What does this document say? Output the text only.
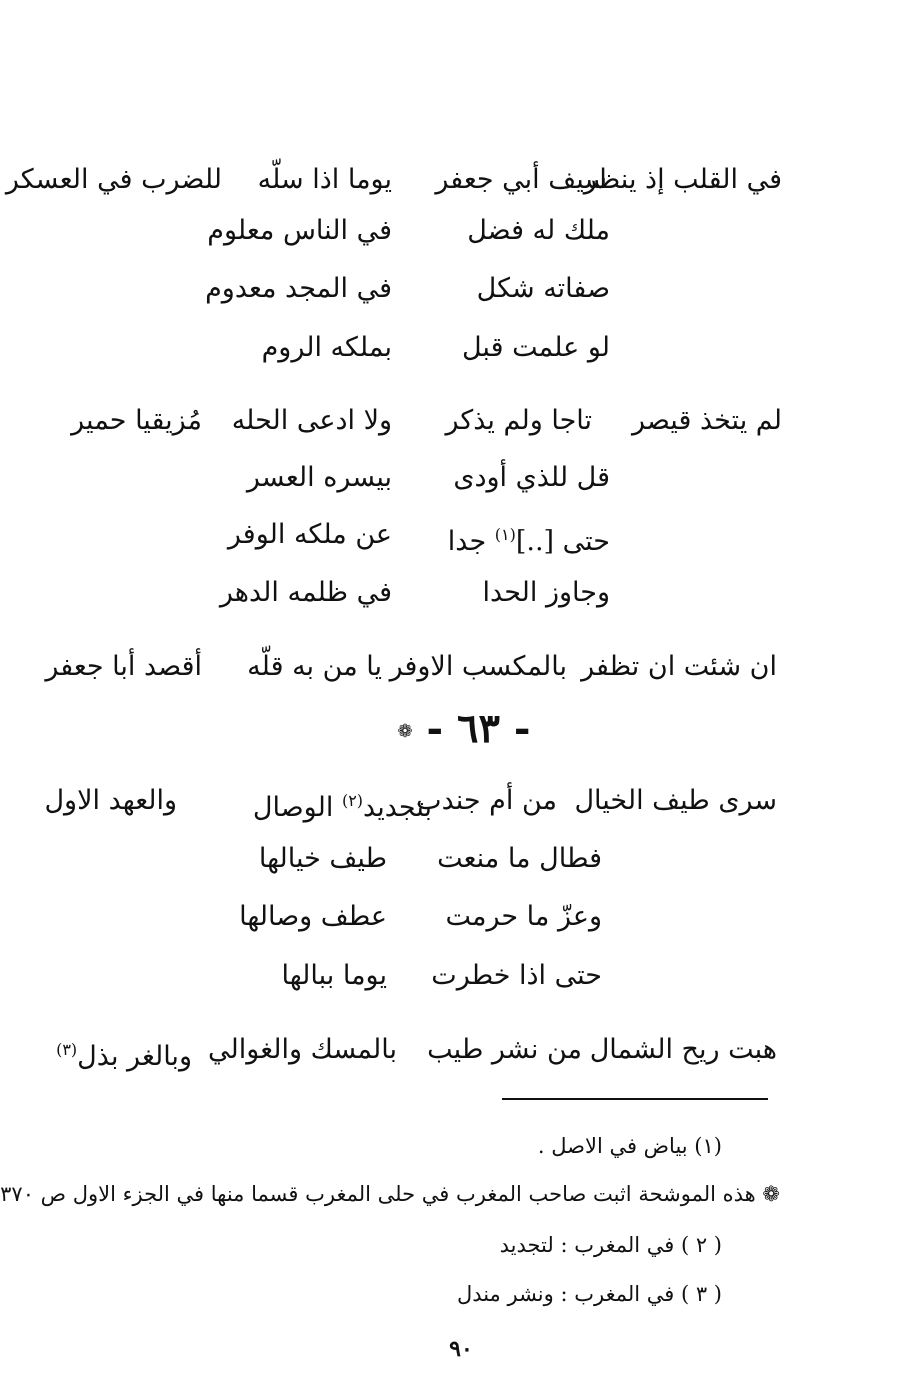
في القلب إذ ينظر
سيف أبي جعفر
يوما اذا سلّه
للضرب في العسكر
ملك له فضل
في الناس معلوم
صفاته شكل
في المجد معدوم
لو علمت قبل
بملكه الروم
لم يتخذ قيصر
تاجا ولم يذكر
ولا ادعى الحله
مُزيقيا حمير
قل للذي أودى
بيسره العسر
حتى [..]$^{(١)}$ جدا
عن ملكه الوفر
وجاوز الحدا
في ظلمه الدهر
ان شئت ان تظفر
بالمكسب الاوفر
يا من به قلّه
أقصد أبا جعفر
- ٦٣ - ❁
سرى طيف الخيال
من أم جندب
بتجديد$^{(٢)}$ الوصال
والعهد الاول
فطال ما منعت
طيف خيالها
وعزّ ما حرمت
عطف وصالها
حتى اذا خطرت
يوما ببالها
هبت ريح الشمال
من نشر طيب
بالمسك والغوالي
وبالغر بذل$^{(٣)}$
(١) بياض في الاصل .
❁ هذه الموشحة اثبت صاحب المغرب في حلى المغرب قسما منها في الجزء الاول ص ٣٧٠
( ٢ ) في المغرب : لتجديد
( ٣ ) في المغرب : ونشر مندل
٩٠
